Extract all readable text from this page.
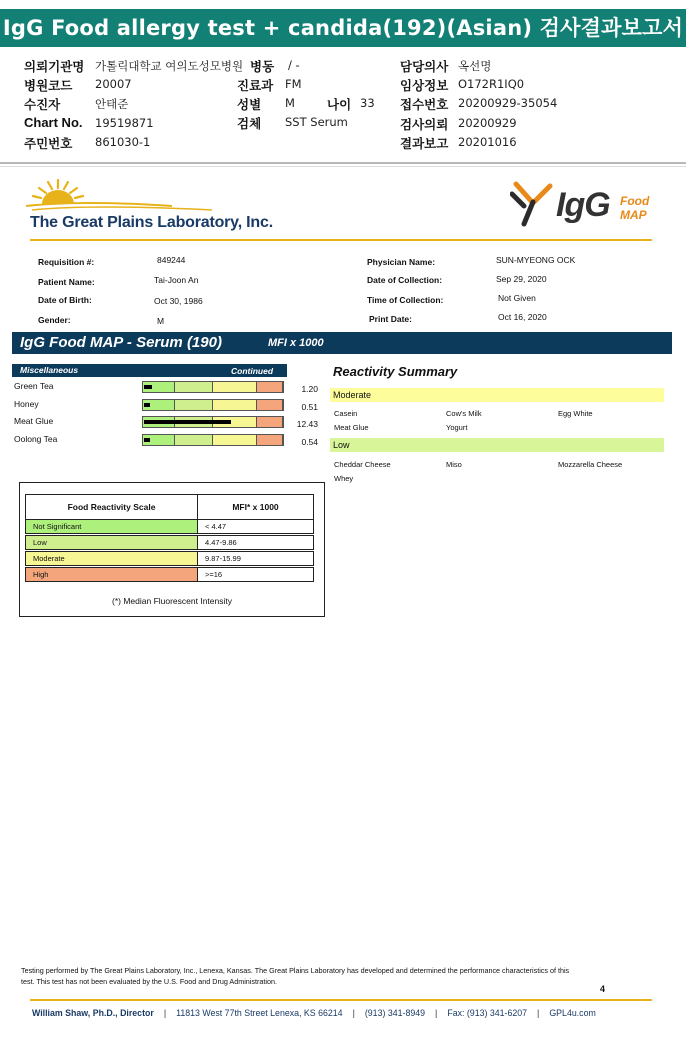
IgG Food allergy test + candida(192)(Asian) 검사결과보고서
의뢰기관명 가톨릭대학교 여의도성모병원 병동 / -	담당의사 옥선명
병원코드 20007	진료과 FM	임상정보 O172R1IQ0
수진자	안태준	성별 M	나이 33 접수번호 20200929-35054
Chart No. 19519871	검체 SST Serum	검사의뢰 20200929
주민번호 861030-1	결과보고 20201016
The Great Plains Laboratory, Inc.	IgG Food
MAP
Requisition #:	849244
Patient Name:	Tai-Joon An
Date of Birth:	Oct 30, 1986
Gender:	M
Physician Name:	SUN-MYEONG OCK
Date of Collection:	Sep 29, 2020
Time of Collection:	Not Given
Print Date:	Oct 16, 2020
IgG Food MAP - Serum (190)	MFI x 1000
Miscellaneous	Continued
Green Tea	1.20
Honey	0.51
Meat Glue	12.43
Oolong Tea	0.54
Reactivity Summary
Moderate
Casein	Cow's Milk	Egg White
Meat Glue	Yogurt
Low
Cheddar Cheese	Miso	Mozzarella Cheese
Whey
Food Reactivity Scale	MFI* x 1000
Not Significant	< 4.47
Low	4.47-9.86
Moderate	9.87-15.99
High	>=16
(*) Median Fluorescent Intensity
Testing performed by The Great Plains Laboratory, Inc., Lenexa, Kansas. The Great Plains Laboratory has developed and determined the performance characteristics of this test. This test has not been evaluated by the U.S. Food and Drug Administration.
4
William Shaw, Ph.D., Director | 11813 West 77th Street Lenexa, KS 66214 | (913) 341-8949 | Fax: (913) 341-6207 | GPL4u.com
